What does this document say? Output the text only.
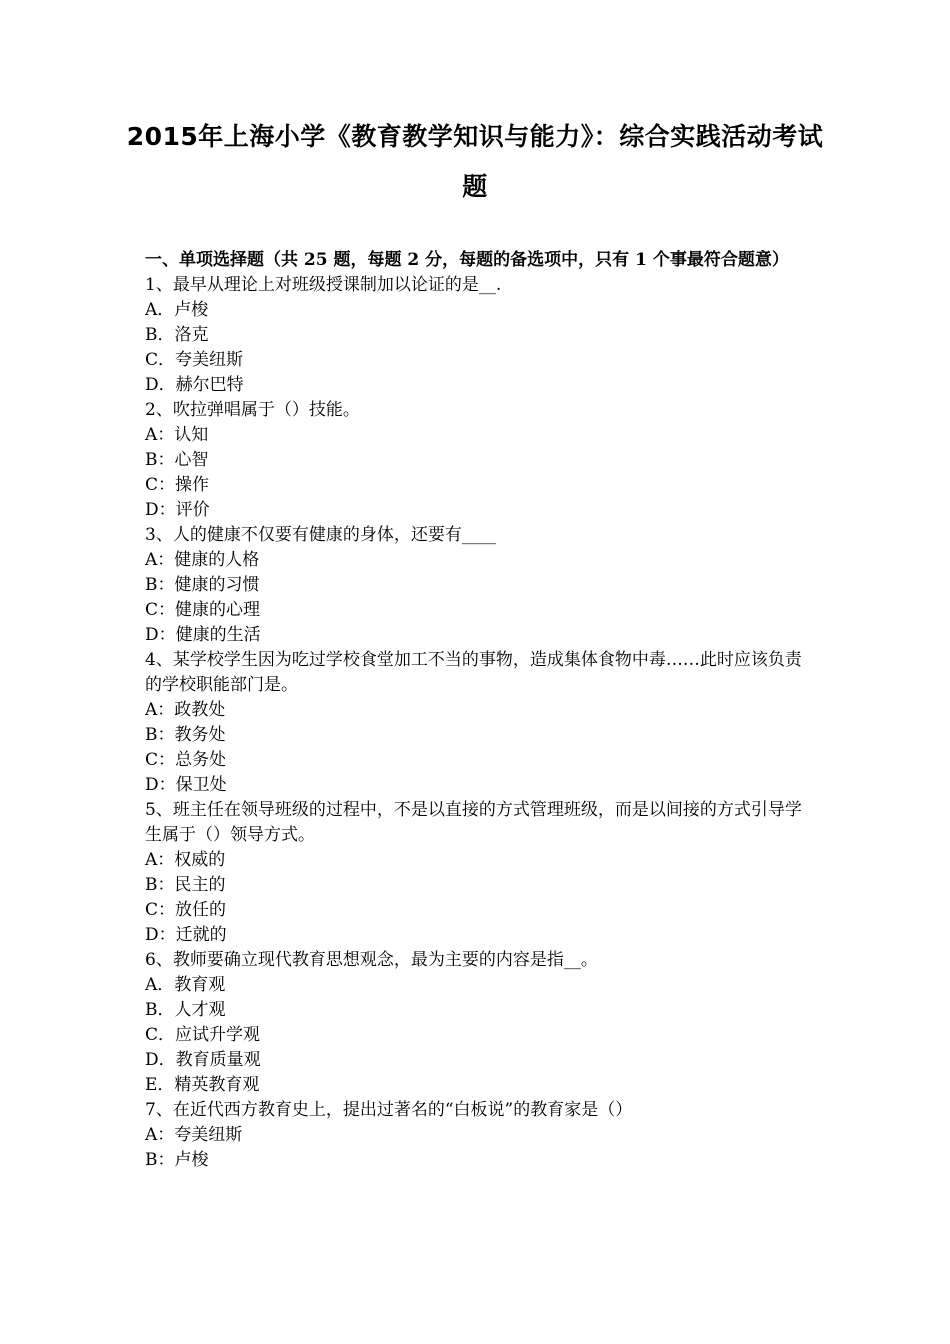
2015年上海小学《教育教学知识与能力》：综合实践活动考试题

一、单项选择题（共 25 题，每题 2 分，每题的备选项中，只有 1 个事最符合题意）

1、最早从理论上对班级授课制加以论证的是__.

A．卢梭

B．洛克

C．夸美纽斯

D．赫尔巴特

2、吹拉弹唱属于（）技能。

A：认知

B：心智

C：操作

D：评价

3、人的健康不仅要有健康的身体，还要有____

A：健康的人格

B：健康的习惯

C：健康的心理

D：健康的生活

4、某学校学生因为吃过学校食堂加工不当的事物，造成集体食物中毒……此时应该负责的学校职能部门是。

A：政教处

B：教务处

C：总务处

D：保卫处

5、班主任在领导班级的过程中，不是以直接的方式管理班级，而是以间接的方式引导学生属于（）领导方式。

A：权威的

B：民主的

C：放任的

D：迁就的

6、教师要确立现代教育思想观念，最为主要的内容是指__。

A．教育观

B．人才观

C．应试升学观

D．教育质量观

E．精英教育观

7、在近代西方教育史上，提出过著名的“白板说”的教育家是（）

A：夸美纽斯

B：卢梭
